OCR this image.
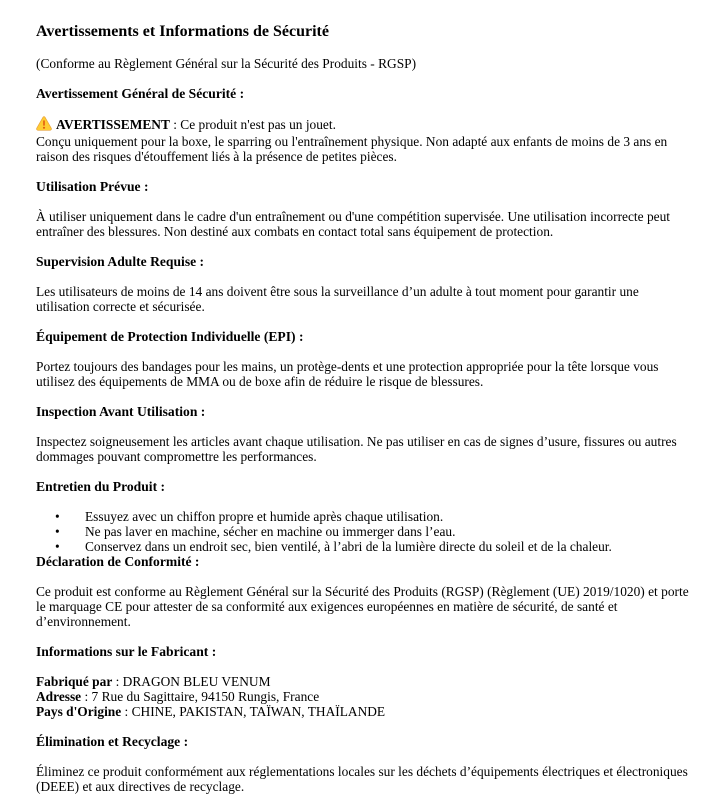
Avertissements et Informations de Sécurité

(Conforme au Règlement Général sur la Sécurité des Produits - RGSP)

Avertissement Général de Sécurité :

AVERTISSEMENT : Ce produit n'est pas un jouet.
Conçu uniquement pour la boxe, le sparring ou l'entraînement physique. Non adapté aux enfants de moins de 3 ans en raison des risques d'étouffement liés à la présence de petites pièces.

Utilisation Prévue :

À utiliser uniquement dans le cadre d'un entraînement ou d'une compétition supervisée. Une utilisation incorrecte peut entraîner des blessures. Non destiné aux combats en contact total sans équipement de protection.

Supervision Adulte Requise :

Les utilisateurs de moins de 14 ans doivent être sous la surveillance d’un adulte à tout moment pour garantir une utilisation correcte et sécurisée.

Équipement de Protection Individuelle (EPI) :

Portez toujours des bandages pour les mains, un protège-dents et une protection appropriée pour la tête lorsque vous utilisez des équipements de MMA ou de boxe afin de réduire le risque de blessures.

Inspection Avant Utilisation :

Inspectez soigneusement les articles avant chaque utilisation. Ne pas utiliser en cas de signes d’usure, fissures ou autres dommages pouvant compromettre les performances.

Entretien du Produit :

• Essuyez avec un chiffon propre et humide après chaque utilisation.
• Ne pas laver en machine, sécher en machine ou immerger dans l’eau.
• Conservez dans un endroit sec, bien ventilé, à l’abri de la lumière directe du soleil et de la chaleur.

Déclaration de Conformité :

Ce produit est conforme au Règlement Général sur la Sécurité des Produits (RGSP) (Règlement (UE) 2019/1020) et porte le marquage CE pour attester de sa conformité aux exigences européennes en matière de sécurité, de santé et d’environnement.

Informations sur le Fabricant :

Fabriqué par : DRAGON BLEU VENUM
Adresse : 7 Rue du Sagittaire, 94150 Rungis, France
Pays d'Origine : CHINE, PAKISTAN, TAÏWAN, THAÏLANDE

Élimination et Recyclage :

Éliminez ce produit conformément aux réglementations locales sur les déchets d’équipements électriques et électroniques (DEEE) et aux directives de recyclage.
